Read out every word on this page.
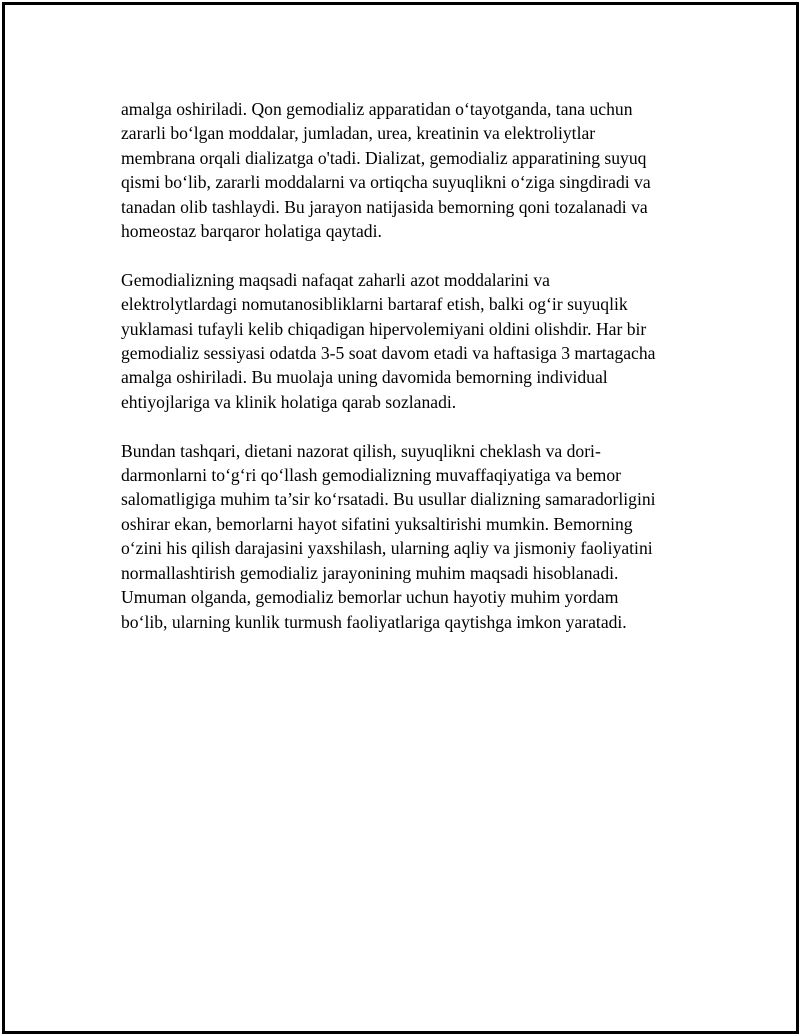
amalga oshiriladi. Qon gemodializ apparatidan o‘tayotganda, tana uchun
zararli bo‘lgan moddalar, jumladan, urea, kreatinin va elektroliytlar
membrana orqali dializatga o'tadi. Dializat, gemodializ apparatining suyuq
qismi bo‘lib, zararli moddalarni va ortiqcha suyuqlikni o‘ziga singdiradi va
tanadan olib tashlaydi. Bu jarayon natijasida bemorning qoni tozalanadi va
homeostaz barqaror holatiga qaytadi.

Gemodializning maqsadi nafaqat zaharli azot moddalarini va
elektrolytlardagi nomutanosibliklarni bartaraf etish, balki og‘ir suyuqlik
yuklamasi tufayli kelib chiqadigan hipervolemiyani oldini olishdir. Har bir
gemodializ sessiyasi odatda 3-5 soat davom etadi va haftasiga 3 martagacha
amalga oshiriladi. Bu muolaja uning davomida bemorning individual
ehtiyojlariga va klinik holatiga qarab sozlanadi.

Bundan tashqari, dietani nazorat qilish, suyuqlikni cheklash va dori-
darmonlarni to‘g‘ri qo‘llash gemodializning muvaffaqiyatiga va bemor
salomatligiga muhim ta’sir ko‘rsatadi. Bu usullar dializning samaradorligini
oshirar ekan, bemorlarni hayot sifatini yuksaltirishi mumkin. Bemorning
o‘zini his qilish darajasini yaxshilash, ularning aqliy va jismoniy faoliyatini
normallashtirish gemodializ jarayonining muhim maqsadi hisoblanadi.
Umuman olganda, gemodializ bemorlar uchun hayotiy muhim yordam
bo‘lib, ularning kunlik turmush faoliyatlariga qaytishga imkon yaratadi.
